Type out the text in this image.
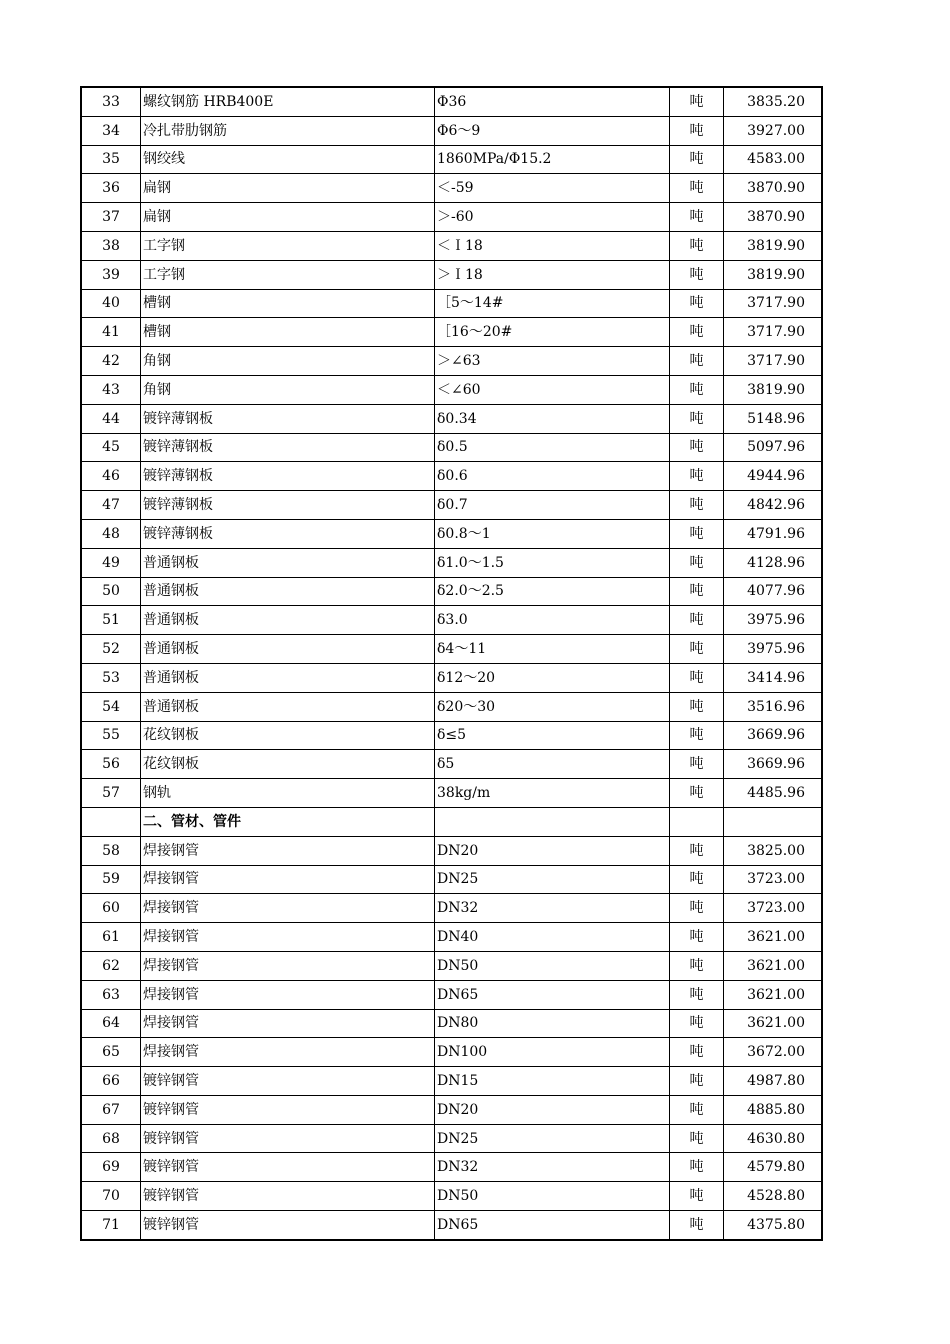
33	螺纹钢筋 HRB400E	Φ36	吨	3835.20
34	冷扎带肋钢筋	Φ6～9	吨	3927.00
35	钢绞线	1860MPa/Φ15.2	吨	4583.00
36	扁钢	＜-59	吨	3870.90
37	扁钢	＞-60	吨	3870.90
38	工字钢	＜Ｉ18	吨	3819.90
39	工字钢	＞Ｉ18	吨	3819.90
40	槽钢	［5～14#	吨	3717.90
41	槽钢	［16～20#	吨	3717.90
42	角钢	＞∠63	吨	3717.90
43	角钢	＜∠60	吨	3819.90
44	镀锌薄钢板	δ0.34	吨	5148.96
45	镀锌薄钢板	δ0.5	吨	5097.96
46	镀锌薄钢板	δ0.6	吨	4944.96
47	镀锌薄钢板	δ0.7	吨	4842.96
48	镀锌薄钢板	δ0.8～1	吨	4791.96
49	普通钢板	δ1.0～1.5	吨	4128.96
50	普通钢板	δ2.0～2.5	吨	4077.96
51	普通钢板	δ3.0	吨	3975.96
52	普通钢板	δ4～11	吨	3975.96
53	普通钢板	δ12～20	吨	3414.96
54	普通钢板	δ20～30	吨	3516.96
55	花纹钢板	δ≤5	吨	3669.96
56	花纹钢板	δ5	吨	3669.96
57	钢轨	38kg/m	吨	4485.96
	二、管材、管件			
58	焊接钢管	DN20	吨	3825.00
59	焊接钢管	DN25	吨	3723.00
60	焊接钢管	DN32	吨	3723.00
61	焊接钢管	DN40	吨	3621.00
62	焊接钢管	DN50	吨	3621.00
63	焊接钢管	DN65	吨	3621.00
64	焊接钢管	DN80	吨	3621.00
65	焊接钢管	DN100	吨	3672.00
66	镀锌钢管	DN15	吨	4987.80
67	镀锌钢管	DN20	吨	4885.80
68	镀锌钢管	DN25	吨	4630.80
69	镀锌钢管	DN32	吨	4579.80
70	镀锌钢管	DN50	吨	4528.80
71	镀锌钢管	DN65	吨	4375.80
